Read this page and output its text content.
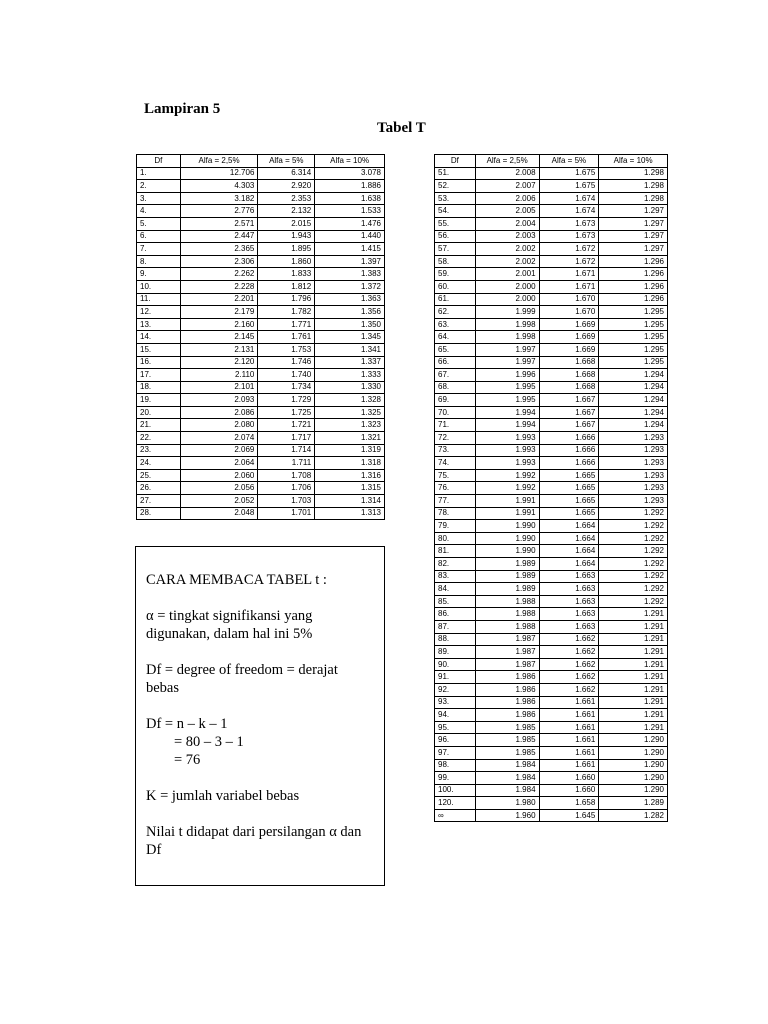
Lampiran 5
Tabel T
Df	Alfa = 2,5%	Alfa = 5%	Alfa = 10%
1.	12.706	6.314	3.078
2.	4.303	2.920	1.886
3.	3.182	2.353	1.638
4.	2.776	2.132	1.533
5.	2.571	2.015	1.476
6.	2.447	1.943	1.440
7.	2.365	1.895	1.415
8.	2.306	1.860	1.397
9.	2.262	1.833	1.383
10.	2.228	1.812	1.372
11.	2.201	1.796	1.363
12.	2.179	1.782	1.356
13.	2.160	1.771	1.350
14.	2.145	1.761	1.345
15.	2.131	1.753	1.341
16.	2.120	1.746	1.337
17.	2.110	1.740	1.333
18.	2.101	1.734	1.330
19.	2.093	1.729	1.328
20.	2.086	1.725	1.325
21.	2.080	1.721	1.323
22.	2.074	1.717	1.321
23.	2.069	1.714	1.319
24.	2.064	1.711	1.318
25.	2.060	1.708	1.316
26.	2.056	1.706	1.315
27.	2.052	1.703	1.314
28.	2.048	1.701	1.313
Df	Alfa = 2,5%	Alfa = 5%	Alfa = 10%
51.	2.008	1.675	1.298
52.	2.007	1.675	1.298
53.	2.006	1.674	1.298
54.	2.005	1.674	1.297
55.	2.004	1.673	1.297
56.	2.003	1.673	1.297
57.	2.002	1.672	1.297
58.	2.002	1.672	1.296
59.	2.001	1.671	1.296
60.	2.000	1.671	1.296
61.	2.000	1.670	1.296
62.	1.999	1.670	1.295
63.	1.998	1.669	1.295
64.	1.998	1.669	1.295
65.	1.997	1.669	1.295
66.	1.997	1.668	1.295
67.	1.996	1.668	1.294
68.	1.995	1.668	1.294
69.	1.995	1.667	1.294
70.	1.994	1.667	1.294
71.	1.994	1.667	1.294
72.	1.993	1.666	1.293
73.	1.993	1.666	1.293
74.	1.993	1.666	1.293
75.	1.992	1.665	1.293
76.	1.992	1.665	1.293
77.	1.991	1.665	1.293
78.	1.991	1.665	1.292
79.	1.990	1.664	1.292
80.	1.990	1.664	1.292
81.	1.990	1.664	1.292
82.	1.989	1.664	1.292
83.	1.989	1.663	1.292
84.	1.989	1.663	1.292
85.	1.988	1.663	1.292
86.	1.988	1.663	1.291
87.	1.988	1.663	1.291
88.	1.987	1.662	1.291
89.	1.987	1.662	1.291
90.	1.987	1.662	1.291
91.	1.986	1.662	1.291
92.	1.986	1.662	1.291
93.	1.986	1.661	1.291
94.	1.986	1.661	1.291
95.	1.985	1.661	1.291
96.	1.985	1.661	1.290
97.	1.985	1.661	1.290
98.	1.984	1.661	1.290
99.	1.984	1.660	1.290
100.	1.984	1.660	1.290
120.	1.980	1.658	1.289
∞	1.960	1.645	1.282

CARA MEMBACA TABEL t :

α = tingkat signifikansi yang
digunakan, dalam hal ini 5%

Df = degree of freedom = derajat
bebas

Df = n – k – 1
= 80 – 3 – 1
= 76

K = jumlah variabel bebas

Nilai t didapat dari persilangan α dan
Df
